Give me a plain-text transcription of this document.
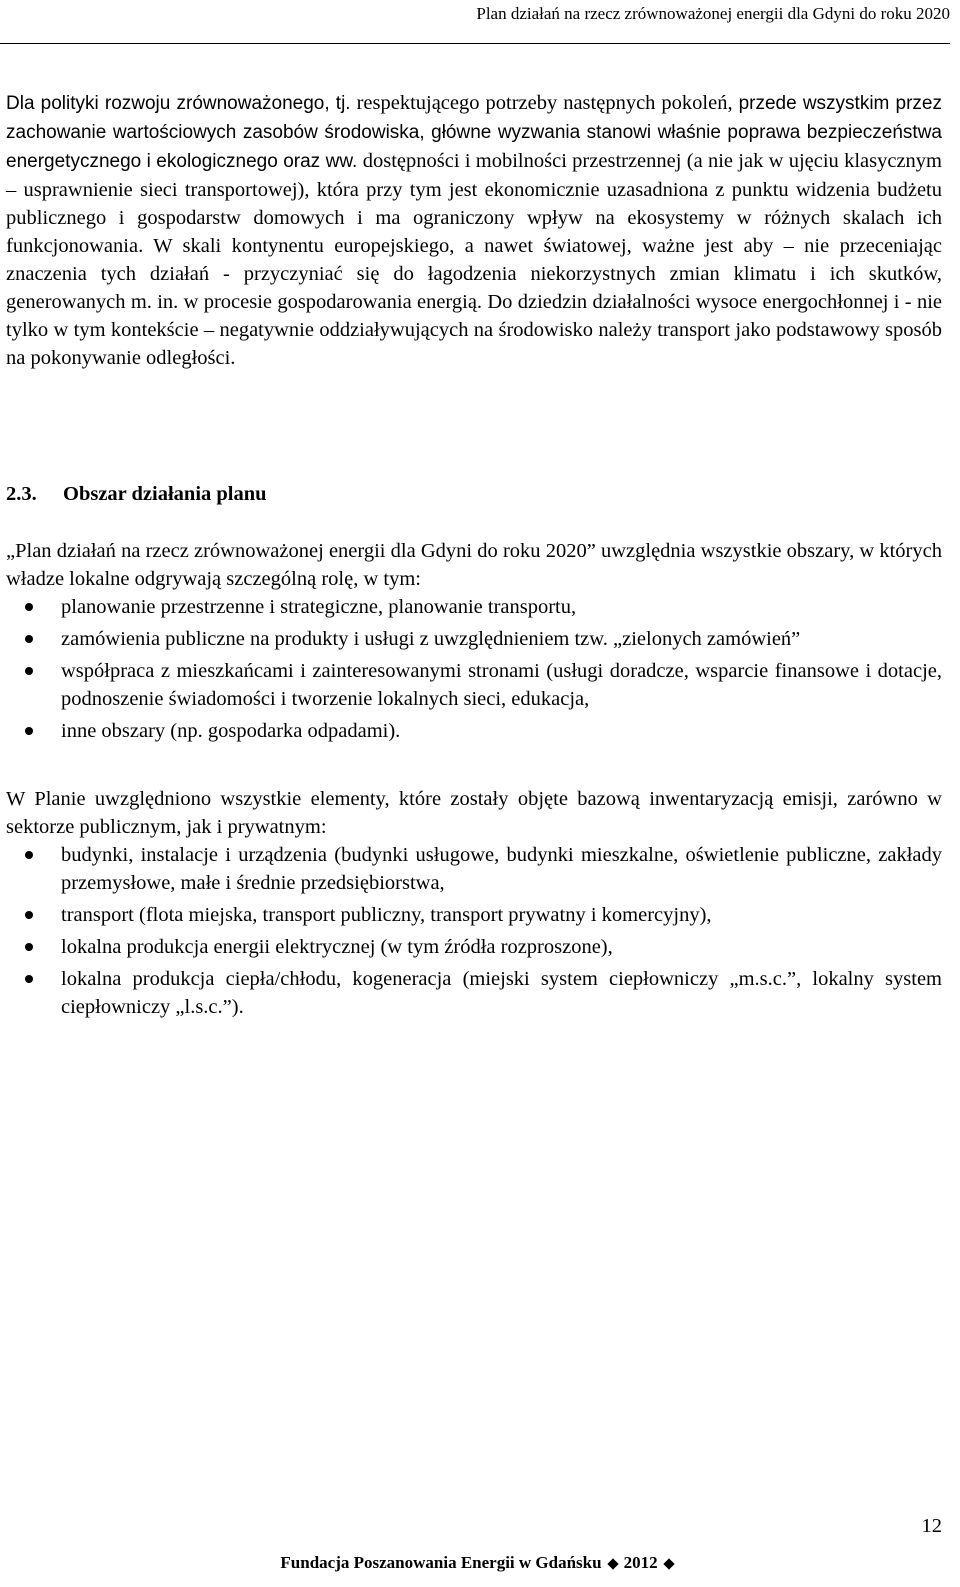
Plan działań na rzecz zrównoważonej energii dla Gdyni do roku 2020
Dla polityki rozwoju zrównoważonego, tj. respektującego potrzeby następnych pokoleń, przede wszystkim przez zachowanie wartościowych zasobów środowiska, główne wyzwania stanowi właśnie poprawa bezpieczeństwa energetycznego i ekologicznego oraz ww. dostępności i mobilności przestrzennej (a nie jak w ujęciu klasycznym – usprawnienie sieci transportowej), która przy tym jest ekonomicznie uzasadniona z punktu widzenia budżetu publicznego i gospodarstw domowych i ma ograniczony wpływ na ekosystemy w różnych skalach ich funkcjonowania. W skali kontynentu europejskiego, a nawet światowej, ważne jest aby – nie przeceniając znaczenia tych działań - przyczyniać się do łagodzenia niekorzystnych zmian klimatu i ich skutków, generowanych m. in. w procesie gospodarowania energią. Do dziedzin działalności wysoce energochłonnej i - nie tylko w tym kontekście – negatywnie oddziaływujących na środowisko należy transport jako podstawowy sposób na pokonywanie odległości.
2.3. Obszar działania planu
„Plan działań na rzecz zrównoważonej energii dla Gdyni do roku 2020” uwzględnia wszystkie obszary, w których władze lokalne odgrywają szczególną rolę, w tym:
planowanie przestrzenne i strategiczne, planowanie transportu,
zamówienia publiczne na produkty i usługi z uwzględnieniem tzw. „zielonych zamówień”
współpraca z mieszkańcami i zainteresowanymi stronami (usługi doradcze, wsparcie finansowe i dotacje, podnoszenie świadomości i tworzenie lokalnych sieci, edukacja,
inne obszary (np. gospodarka odpadami).
W Planie uwzględniono wszystkie elementy, które zostały objęte bazową inwentaryzacją emisji, zarówno w sektorze publicznym, jak i prywatnym:
budynki, instalacje i urządzenia (budynki usługowe, budynki mieszkalne, oświetlenie publiczne, zakłady przemysłowe, małe i średnie przedsiębiorstwa,
transport (flota miejska, transport publiczny, transport prywatny i komercyjny),
lokalna produkcja energii elektrycznej (w tym źródła rozproszone),
lokalna produkcja ciepła/chłodu, kogeneracja (miejski system ciepłowniczy „m.s.c.”, lokalny system ciepłowniczy „l.s.c.”).
12
Fundacja Poszanowania Energii w Gdańsku 2012
